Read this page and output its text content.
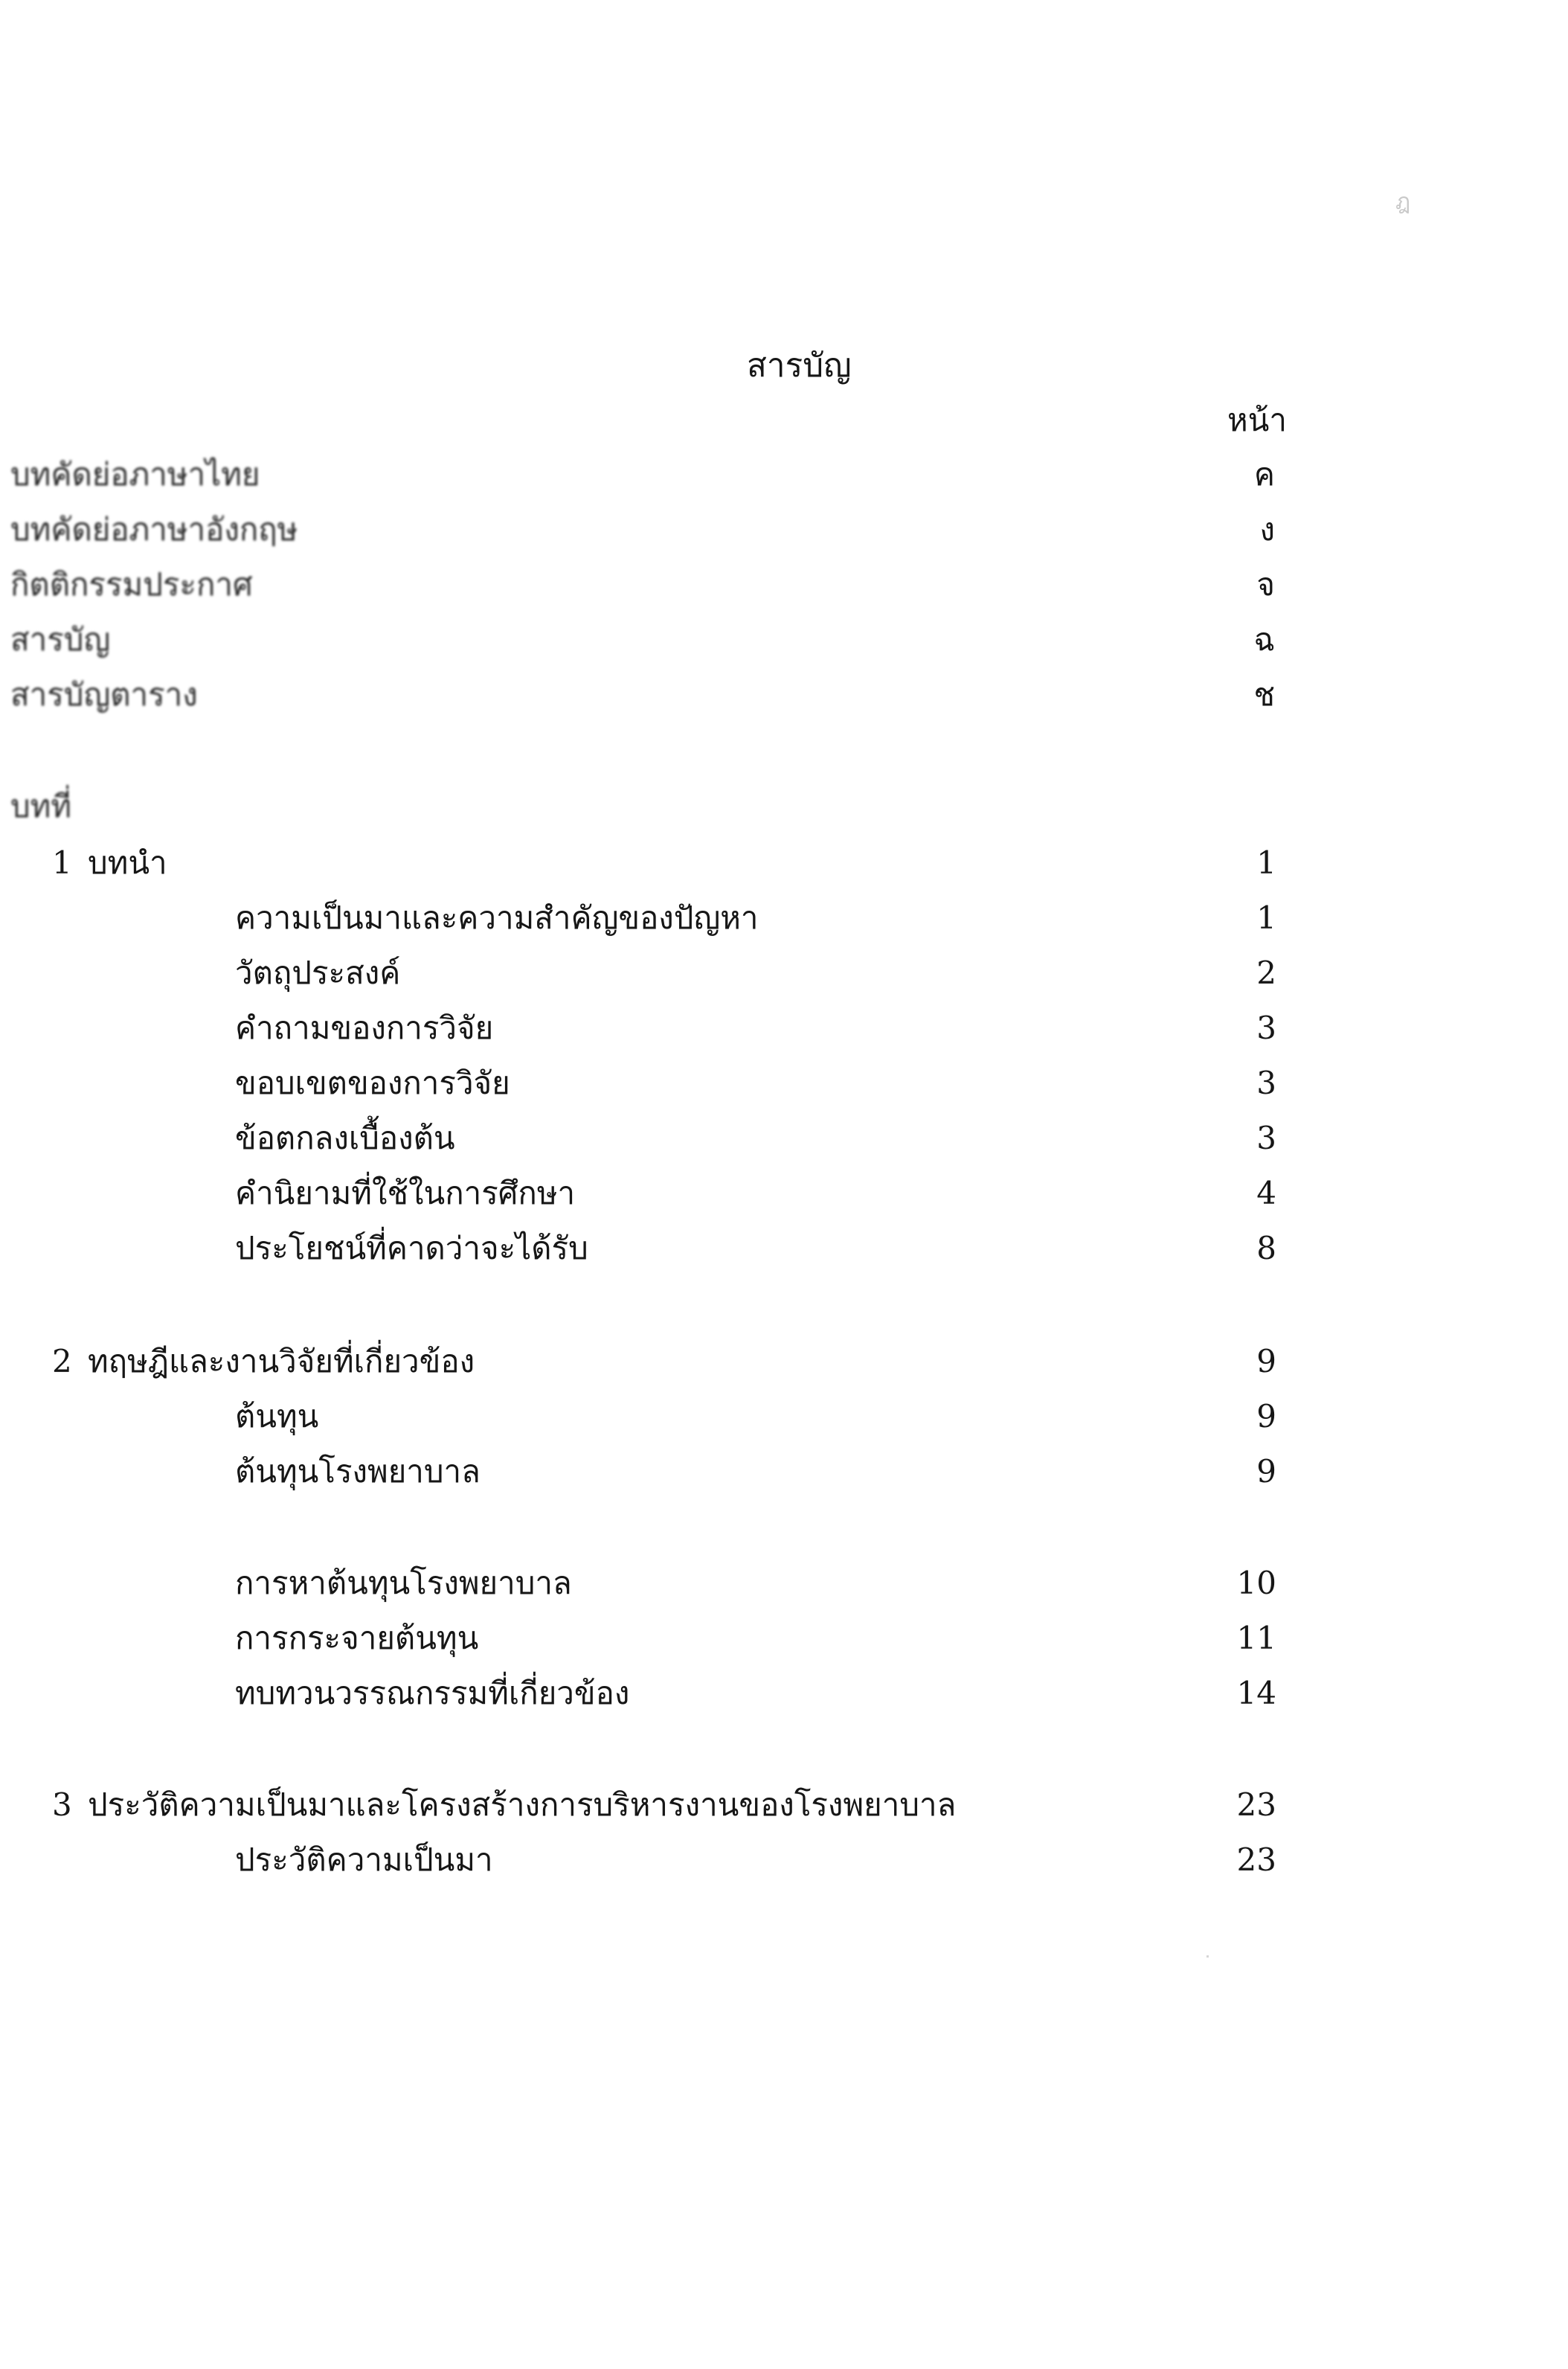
ฎ
สารบัญ
หน้า
บทคัดย่อภาษาไทย	ค
บทคัดย่อภาษาอังกฤษ	ง
กิตติกรรมประกาศ	จ
สารบัญ	ฉ
สารบัญตาราง	ช
บทที่
1 บทนำ	1
ความเป็นมาและความสำคัญของปัญหา	1
วัตถุประสงค์	2
คำถามของการวิจัย	3
ขอบเขตของการวิจัย	3
ข้อตกลงเบื้องต้น	3
คำนิยามที่ใช้ในการศึกษา	4
ประโยชน์ที่คาดว่าจะได้รับ	8
2 ทฤษฎีและงานวิจัยที่เกี่ยวข้อง	9
ต้นทุน	9
ต้นทุนโรงพยาบาล	9
การหาต้นทุนโรงพยาบาล	10
การกระจายต้นทุน	11
ทบทวนวรรณกรรมที่เกี่ยวข้อง	14
3 ประวัติความเป็นมาและโครงสร้างการบริหารงานของโรงพยาบาล	23
ประวัติความเป็นมา	23
